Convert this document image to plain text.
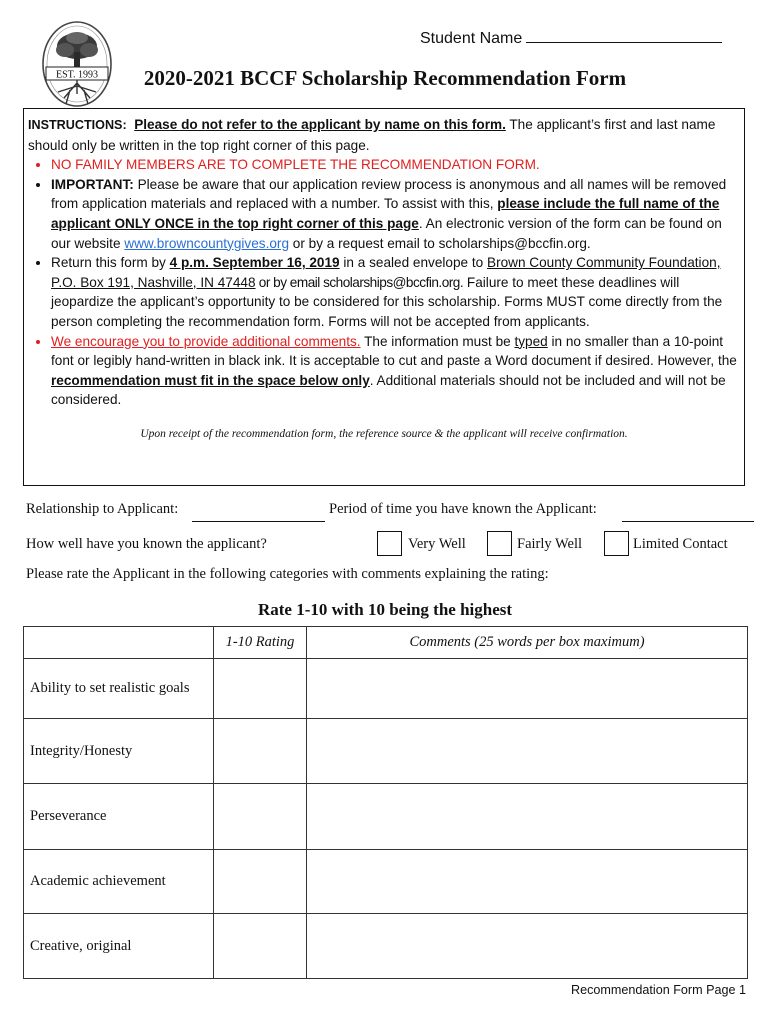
EST. 1993
Student Name
2020-2021 BCCF Scholarship Recommendation Form

INSTRUCTIONS: Please do not refer to the applicant by name on this form. The applicant’s first and last name should only be written in the top right corner of this page.

• NO FAMILY MEMBERS ARE TO COMPLETE THE RECOMMENDATION FORM.
• IMPORTANT: Please be aware that our application review process is anonymous and all names will be removed from application materials and replaced with a number. To assist with this, please include the full name of the applicant ONLY ONCE in the top right corner of this page. An electronic version of the form can be found on our website www.browncountygives.org or by a request email to scholarships@bccfin.org.
• Return this form by 4 p.m. September 16, 2019 in a sealed envelope to Brown County Community Foundation, P.O. Box 191, Nashville, IN 47448 or by email scholarships@bccfin.org. Failure to meet these deadlines will jeopardize the applicant’s opportunity to be considered for this scholarship. Forms MUST come directly from the person completing the recommendation form. Forms will not be accepted from applicants.
• We encourage you to provide additional comments. The information must be typed in no smaller than a 10-point font or legibly hand-written in black ink. It is acceptable to cut and paste a Word document if desired. However, the recommendation must fit in the space below only. Additional materials should not be included and will not be considered.
Upon receipt of the recommendation form, the reference source & the applicant will receive confirmation.
Relationship to Applicant:	Period of time you have known the Applicant:
How well have you known the applicant?	Very Well	Fairly Well	Limited Contact
Please rate the Applicant in the following categories with comments explaining the rating:
Rate 1-10 with 10 being the highest
	1-10 Rating	Comments (25 words per box maximum)
Ability to set realistic goals		
Integrity/Honesty		
Perseverance		
Academic achievement		
Creative, original		
Recommendation Form Page 1
